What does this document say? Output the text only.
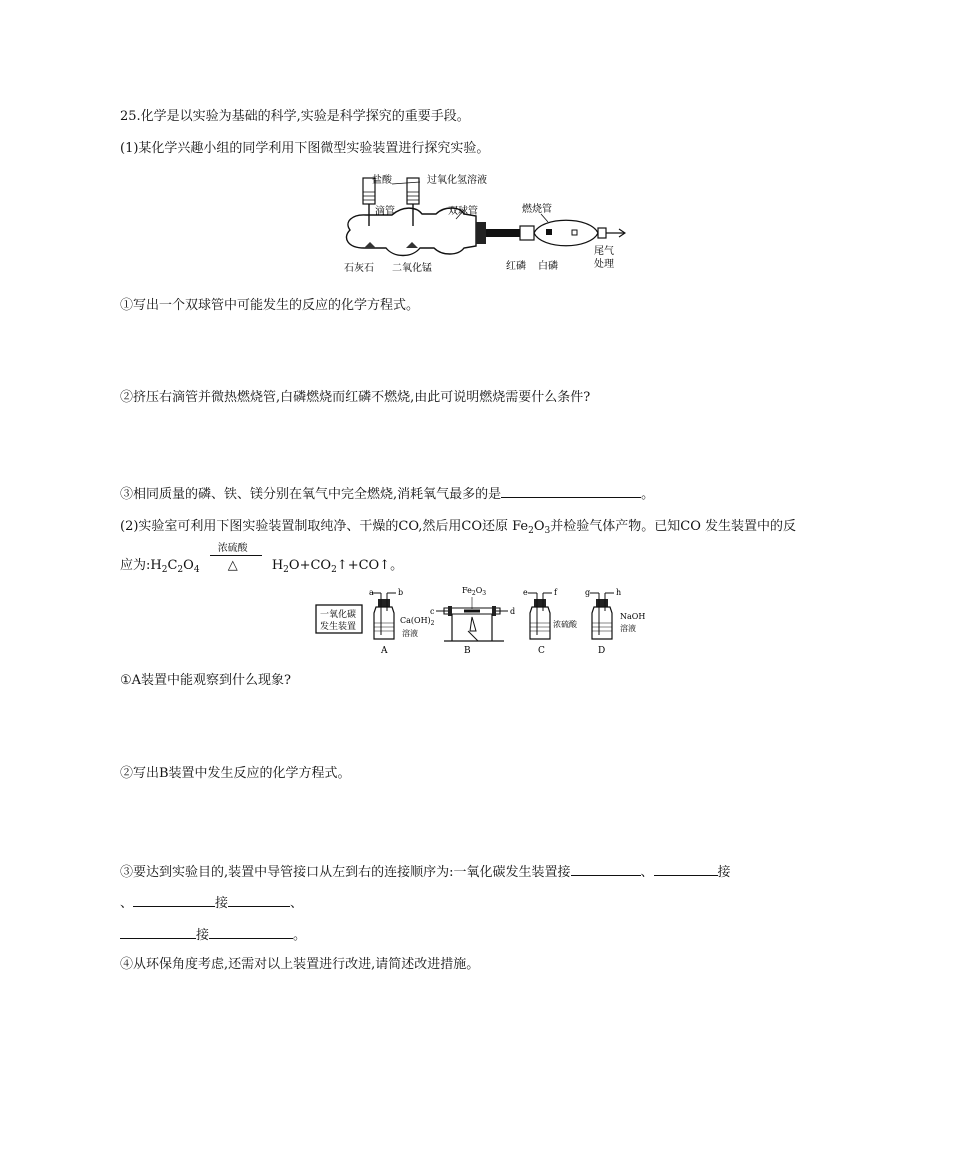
25.化学是以实验为基础的科学,实验是科学探究的重要手段。
(1)某化学兴趣小组的同学利用下图微型实验装置进行探究实验。
盐酸	过氧化氢溶液
滴管	双球管	燃烧管
石灰石 二氧化锰	红磷 白磷
尾气
处理
①写出一个双球管中可能发生的反应的化学方程式。
②挤压右滴管并微热燃烧管,白磷燃烧而红磷不燃烧,由此可说明燃烧需要什么条件?
③相同质量的磷、铁、镁分别在氧气中完全燃烧,消耗氧气最多的是	。
(2)实验室可利用下图实验装置制取纯净、干燥的CO,然后用CO还原 $Fe_2O_3$并检验气体产物。已知CO 发生装置中的反
应为$:H_2C_2O_4$
浓硫酸
△	$H_2O+CO_2↑+CO↑$。
一氧化碳
发生装置
a	b
$Ca(OH)_2$
溶液
A
c	d
$Fe_2O_3$
B
e	f
浓硫酸
C
g	h
NaOH
溶液
D
①A装置中能观察到什么现象?
②写出B装置中发生反应的化学方程式。
③要达到实验目的,装置中导管接口从左到右的连接顺序为:一氧化碳发生装置接	、	接
、	接	、
接	。
④从环保角度考虑,还需对以上装置进行改进,请简述改进措施。
